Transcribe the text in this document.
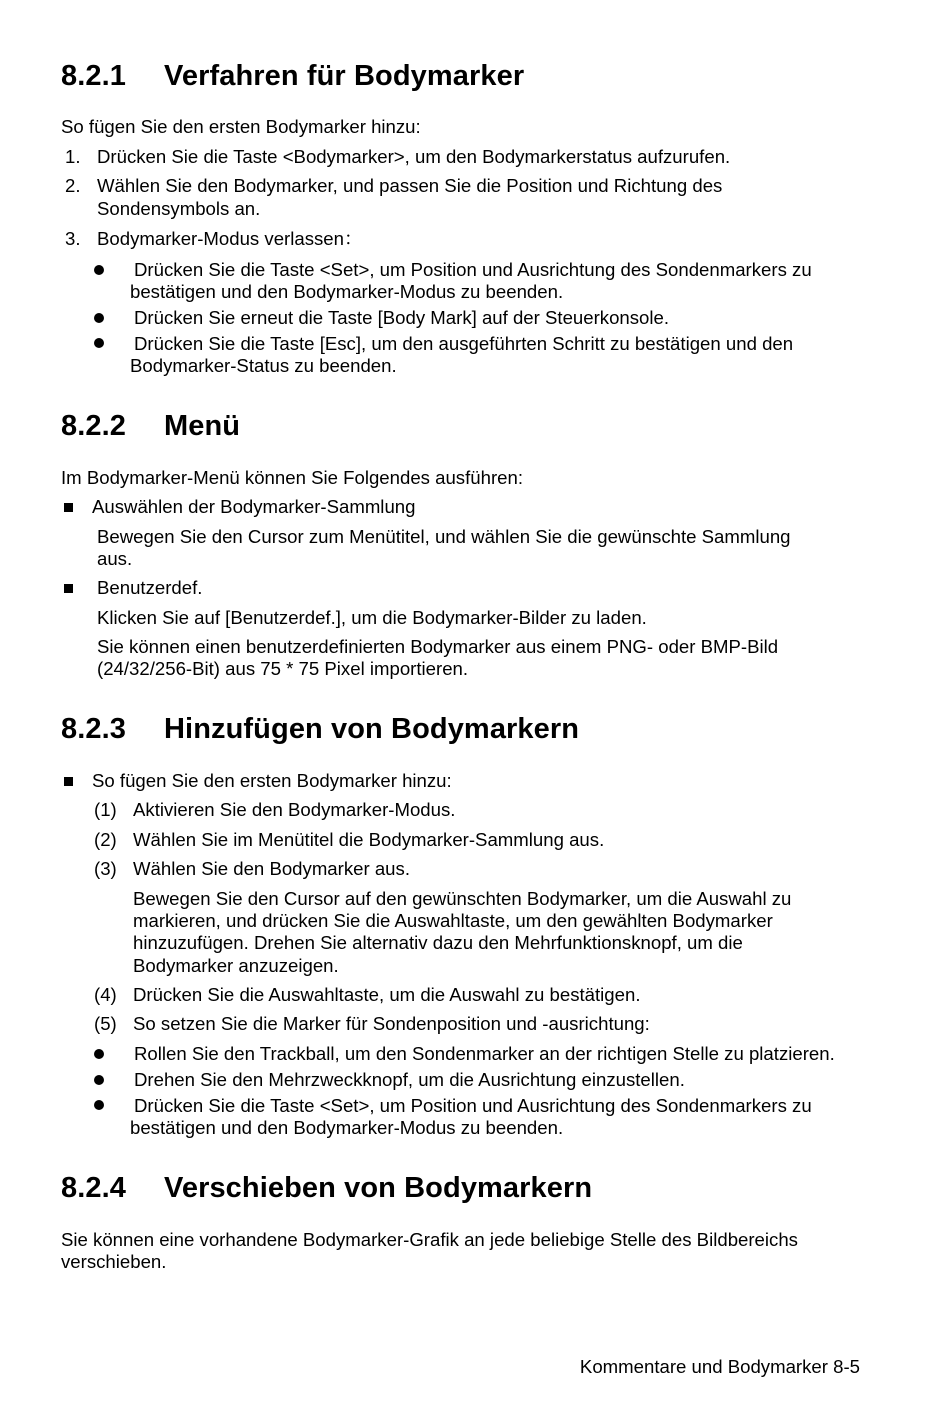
8.2.1 Verfahren für Bodymarker

So fügen Sie den ersten Bodymarker hinzu:

1. Drücken Sie die Taste <Bodymarker>, um den Bodymarkerstatus aufzurufen.

2. Wählen Sie den Bodymarker, und passen Sie die Position und Richtung des

Sondensymbols an.

3. Bodymarker-Modus verlassen：

Drücken Sie die Taste <Set>, um Position und Ausrichtung des Sondenmarkers zu

bestätigen und den Bodymarker-Modus zu beenden.

Drücken Sie erneut die Taste [Body Mark] auf der Steuerkonsole.

Drücken Sie die Taste [Esc], um den ausgeführten Schritt zu bestätigen und den

Bodymarker-Status zu beenden.

8.2.2 Menü

Im Bodymarker-Menü können Sie Folgendes ausführen:

Auswählen der Bodymarker-Sammlung

Bewegen Sie den Cursor zum Menütitel, und wählen Sie die gewünschte Sammlung

aus.

Benutzerdef.

Klicken Sie auf [Benutzerdef.], um die Bodymarker-Bilder zu laden.

Sie können einen benutzerdefinierten Bodymarker aus einem PNG- oder BMP-Bild

(24/32/256-Bit) aus 75 * 75 Pixel importieren.

8.2.3 Hinzufügen von Bodymarkern

So fügen Sie den ersten Bodymarker hinzu:

(1) Aktivieren Sie den Bodymarker-Modus.

(2) Wählen Sie im Menütitel die Bodymarker-Sammlung aus.

(3) Wählen Sie den Bodymarker aus.

Bewegen Sie den Cursor auf den gewünschten Bodymarker, um die Auswahl zu

markieren, und drücken Sie die Auswahltaste, um den gewählten Bodymarker

hinzuzufügen. Drehen Sie alternativ dazu den Mehrfunktionsknopf, um die

Bodymarker anzuzeigen.

(4) Drücken Sie die Auswahltaste, um die Auswahl zu bestätigen.

(5) So setzen Sie die Marker für Sondenposition und -ausrichtung:

Rollen Sie den Trackball, um den Sondenmarker an der richtigen Stelle zu platzieren.

Drehen Sie den Mehrzweckknopf, um die Ausrichtung einzustellen.

Drücken Sie die Taste <Set>, um Position und Ausrichtung des Sondenmarkers zu

bestätigen und den Bodymarker-Modus zu beenden.

8.2.4 Verschieben von Bodymarkern

Sie können eine vorhandene Bodymarker-Grafik an jede beliebige Stelle des Bildbereichs

verschieben.

Kommentare und Bodymarker 8-5
